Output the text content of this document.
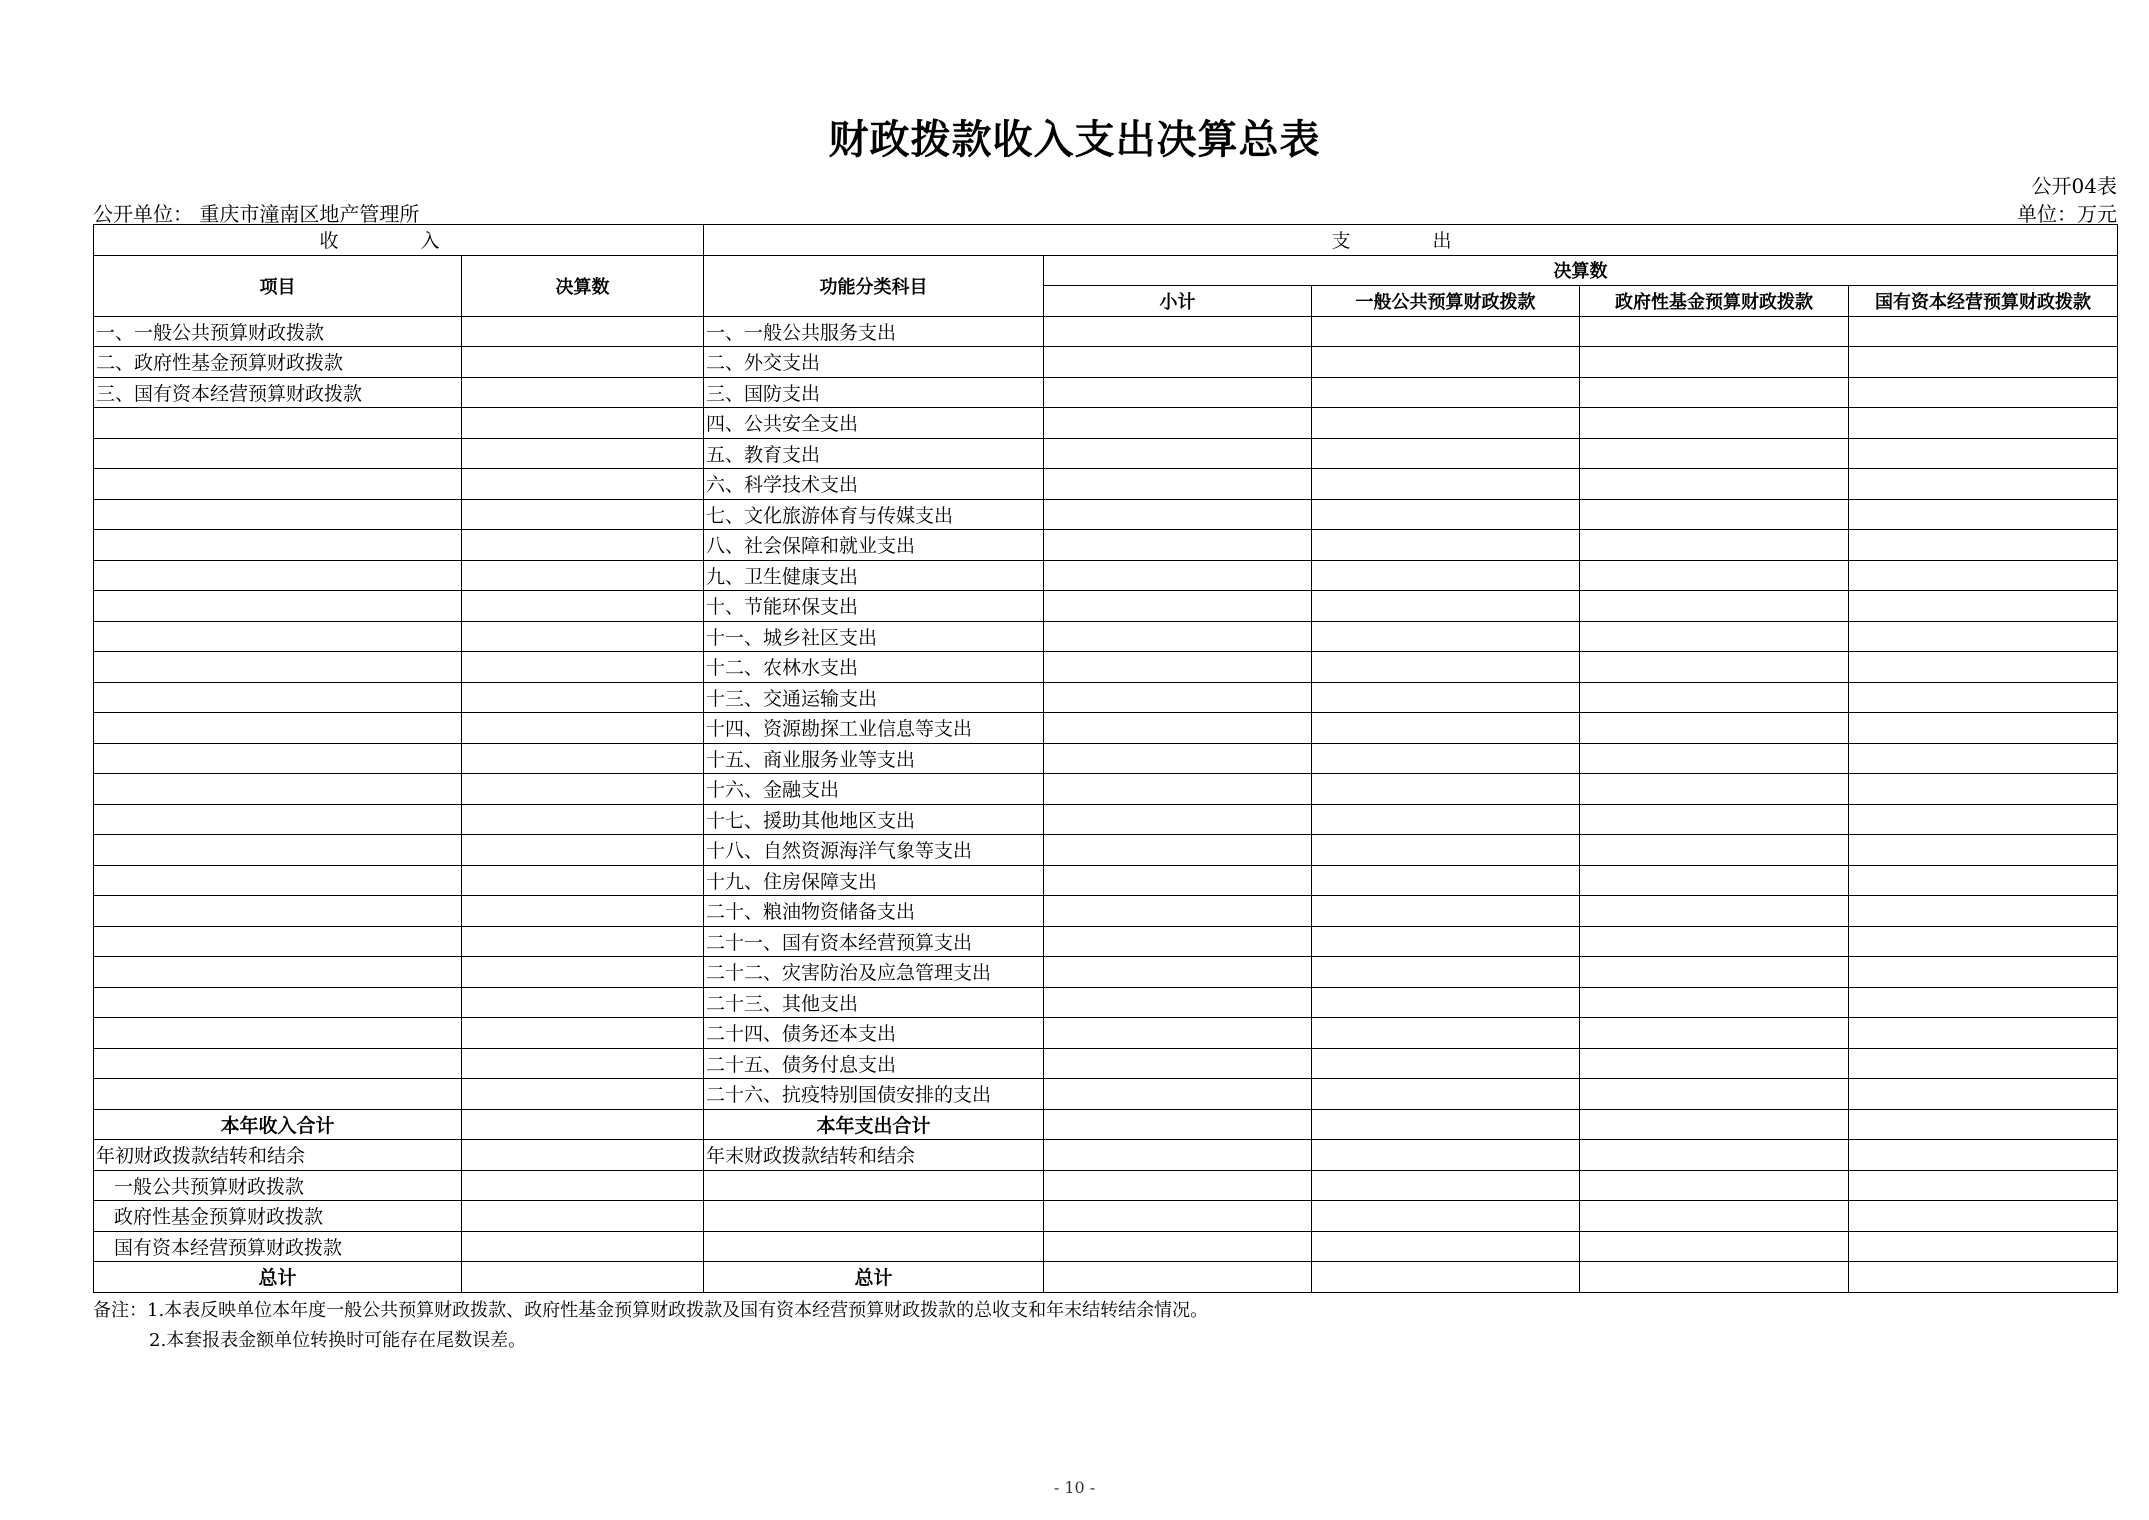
财政拨款收入支出决算总表
公开04表
公开单位： 重庆市潼南区地产管理所	单位：万元
收 入		支 出				
项目	决算数	功能分类科目	决算数			
			小计	一般公共预算财政拨款	政府性基金预算财政拨款	国有资本经营预算财政拨款
一、一般公共预算财政拨款		一、一般公共服务支出				
二、政府性基金预算财政拨款		二、外交支出				
三、国有资本经营预算财政拨款		三、国防支出				
		四、公共安全支出				
		五、教育支出				
		六、科学技术支出				
		七、文化旅游体育与传媒支出				
		八、社会保障和就业支出				
		九、卫生健康支出				
		十、节能环保支出				
		十一、城乡社区支出				
		十二、农林水支出				
		十三、交通运输支出				
		十四、资源勘探工业信息等支出				
		十五、商业服务业等支出				
		十六、金融支出				
		十七、援助其他地区支出				
		十八、自然资源海洋气象等支出				
		十九、住房保障支出				
		二十、粮油物资储备支出				
		二十一、国有资本经营预算支出				
		二十二、灾害防治及应急管理支出				
		二十三、其他支出				
		二十四、债务还本支出				
		二十五、债务付息支出				
		二十六、抗疫特别国债安排的支出				
本年收入合计		本年支出合计				
年初财政拨款结转和结余		年末财政拨款结转和结余				
一般公共预算财政拨款						
政府性基金预算财政拨款						
国有资本经营预算财政拨款						
总计		总计				
备注：1.本表反映单位本年度一般公共预算财政拨款、政府性基金预算财政拨款及国有资本经营预算财政拨款的总收支和年末结转结余情况。
2.本套报表金额单位转换时可能存在尾数误差。
- 10 -
